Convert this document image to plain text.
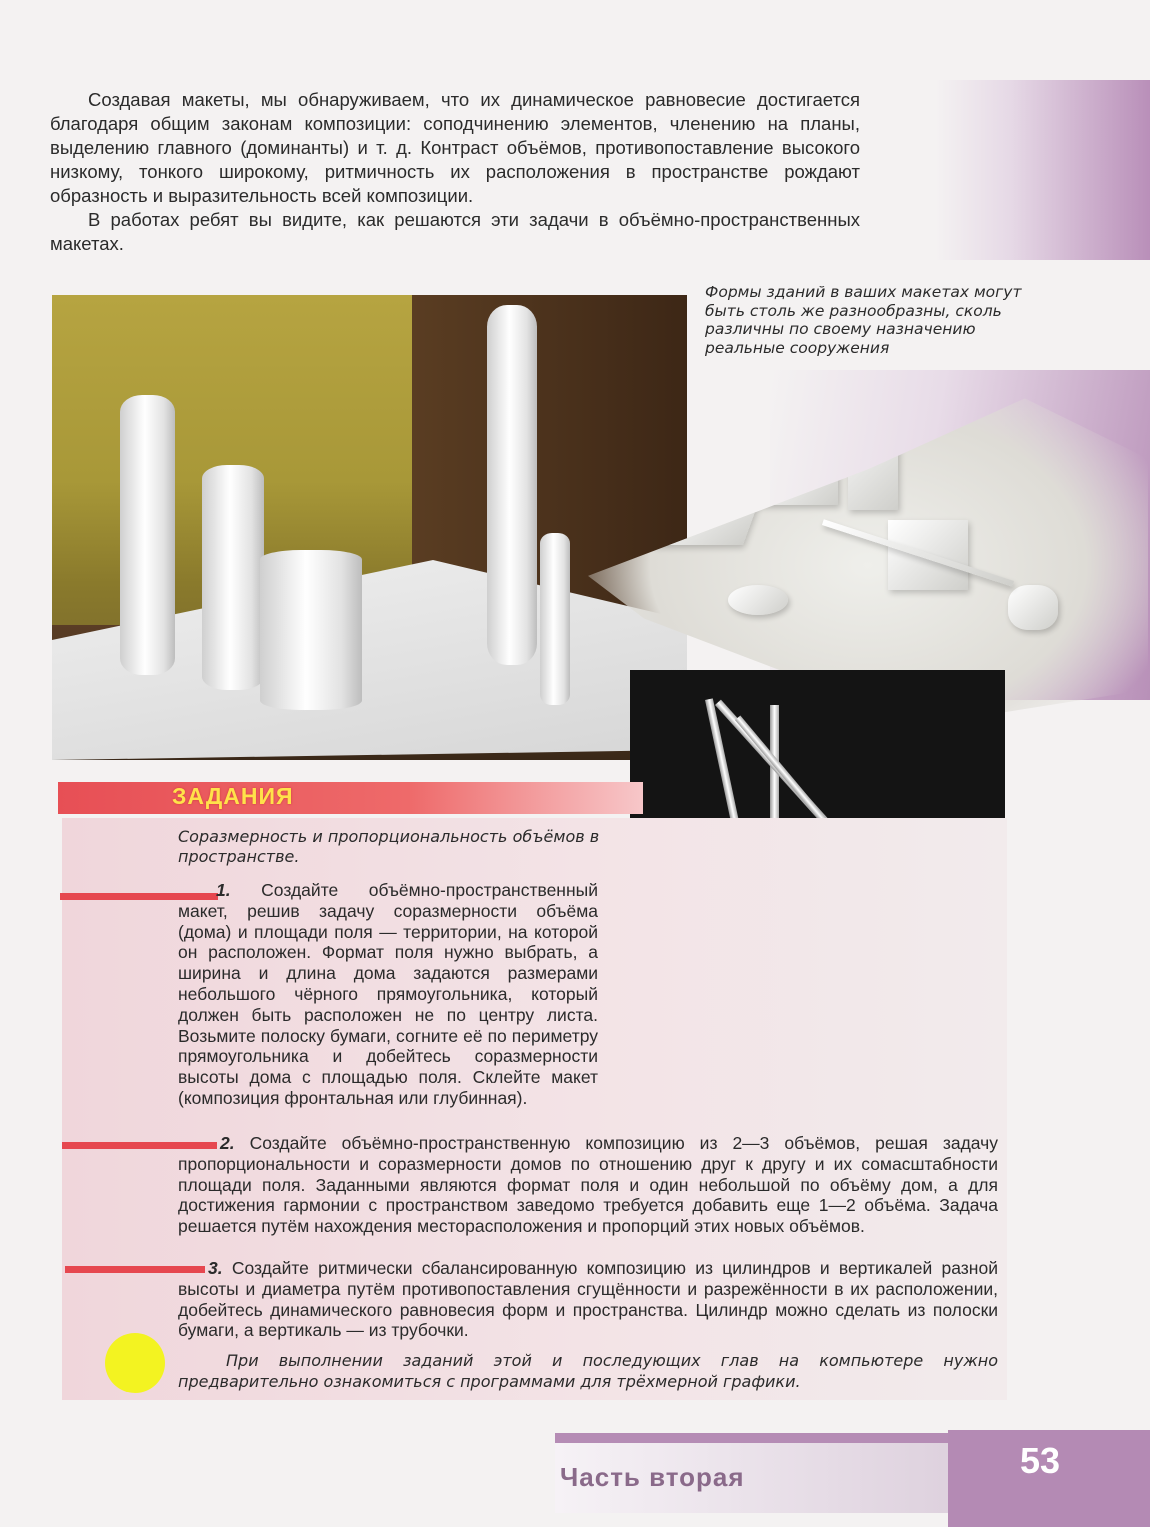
Создавая макеты, мы обнаруживаем, что их динамическое равновесие достигается благодаря общим законам композиции: соподчинению элементов, членению на планы, выделению главного (доминанты) и т. д. Контраст объёмов, противопоставление высокого низкому, тонкого широкому, ритмичность их расположения в пространстве рождают образность и выразительность всей композиции.

В работах ребят вы видите, как решаются эти задачи в объёмно-пространственных макетах.

Формы зданий в ваших макетах могут быть столь же разнообразны, сколь различны по своему назначению реальные сооружения
ЗАДАНИЯ
Соразмерность и пропорциональность объёмов в пространстве.
1. Создайте объёмно-пространственный макет, решив задачу соразмерности объёма (дома) и площади поля — территории, на которой он расположен. Формат поля нужно выбрать, а ширина и длина дома задаются размерами небольшого чёрного прямоугольника, который должен быть расположен не по центру листа. Возьмите полоску бумаги, согните её по периметру прямоугольника и добейтесь соразмерности высоты дома с площадью поля. Склейте макет (композиция фронтальная или глубинная).
2. Создайте объёмно-пространственную композицию из 2—3 объёмов, решая задачу пропорциональности и соразмерности домов по отношению друг к другу и их сомасштабности площади поля. Заданными являются формат поля и один небольшой по объёму дом, а для достижения гармонии с пространством заведомо требуется добавить еще 1—2 объёма. Задача решается путём нахождения месторасположения и пропорций этих новых объёмов.
3. Создайте ритмически сбалансированную композицию из цилиндров и вертикалей разной высоты и диаметра путём противопоставления сгущённости и разрежённости в их расположении, добейтесь динамического равновесия форм и пространства. Цилиндр можно сделать из полоски бумаги, а вертикаль — из трубочки.
При выполнении заданий этой и последующих глав на компьютере нужно предварительно ознакомиться с программами для трёхмерной графики.
Часть вторая	53
